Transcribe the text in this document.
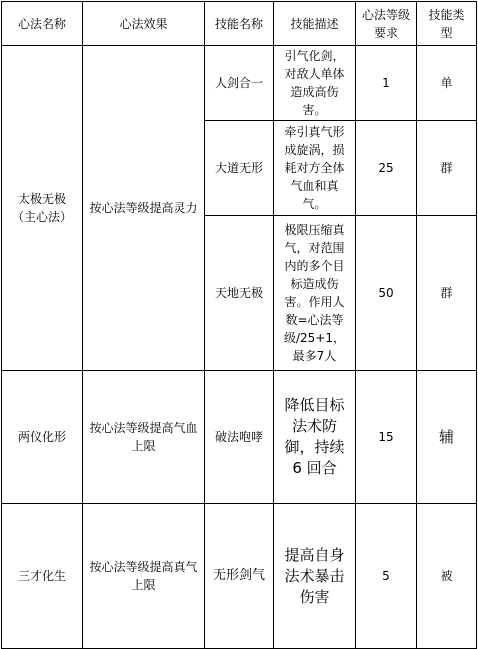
心法名称	心法效果	技能名称	技能描述	心法等级要求	技能类型
太极无极（主心法）	按心法等级提高灵力	人剑合一	引气化剑，对敌人单体造成高伤害。	1	单
		大道无形	牵引真气形成旋涡，损耗对方全体气血和真气。	25	群
		天地无极	极限压缩真气，对范围内的多个目标造成伤害。作用人数=心法等级/25+1，最多7人	50	群
两仪化形	按心法等级提高气血上限	破法咆哮	降低目标法术防御，持续 6 回合	15	辅
三才化生	按心法等级提高真气上限	无形剑气	提高自身法术暴击伤害	5	被
